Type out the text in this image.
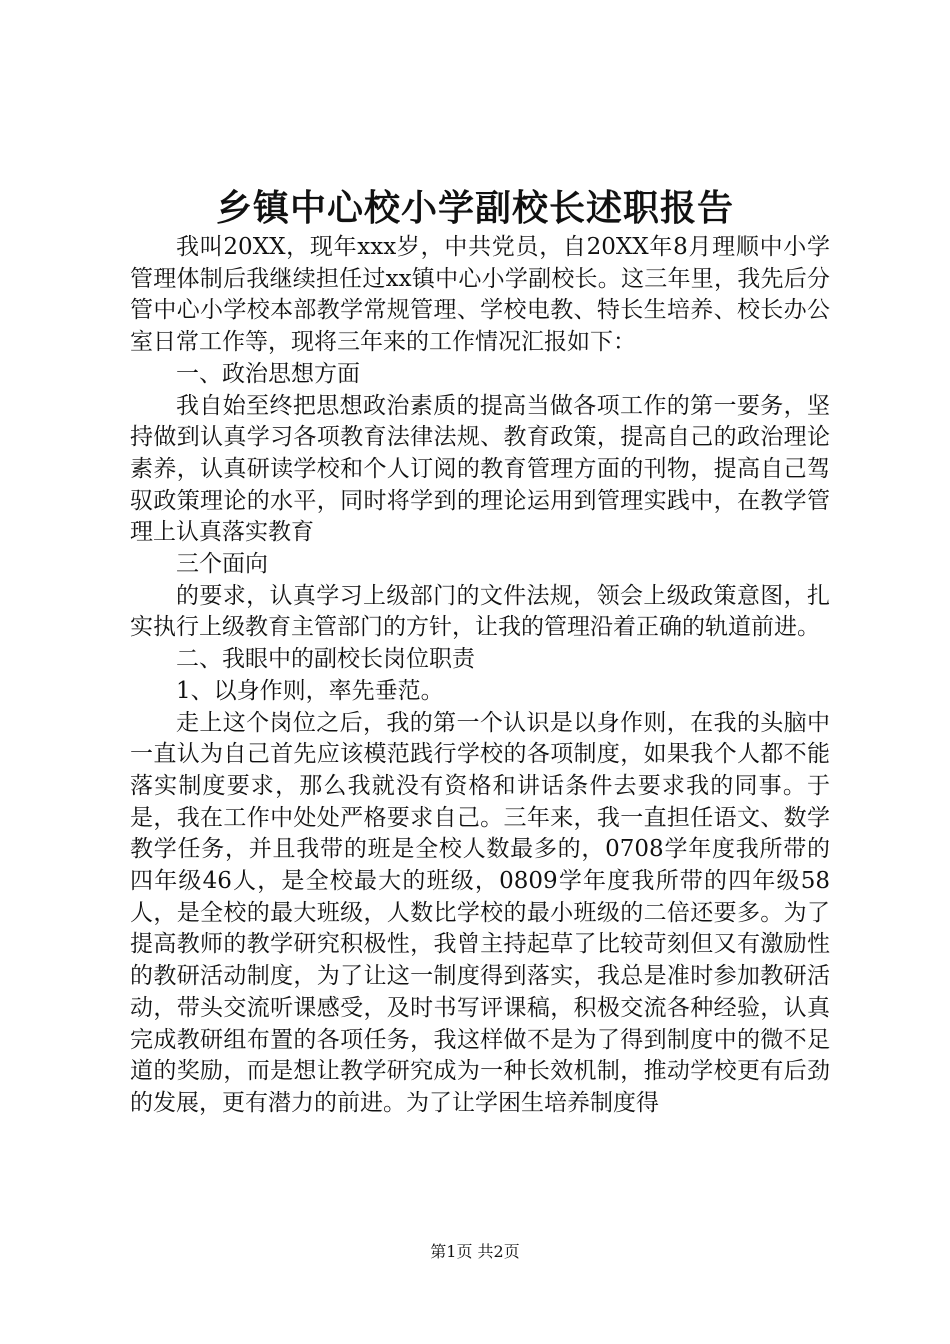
乡镇中心校小学副校长述职报告

我叫20XX，现年xxx岁，中共党员，自20XX年8月理顺中小学管理体制后我继续担任过xx镇中心小学副校长。这三年里，我先后分管中心小学校本部教学常规管理、学校电教、特长生培养、校长办公室日常工作等，现将三年来的工作情况汇报如下：

一、政治思想方面

我自始至终把思想政治素质的提高当做各项工作的第一要务，坚持做到认真学习各项教育法律法规、教育政策，提高自己的政治理论素养，认真研读学校和个人订阅的教育管理方面的刊物，提高自己驾驭政策理论的水平，同时将学到的理论运用到管理实践中，在教学管理上认真落实教育

三个面向

的要求，认真学习上级部门的文件法规，领会上级政策意图，扎实执行上级教育主管部门的方针，让我的管理沿着正确的轨道前进。

二、我眼中的副校长岗位职责

1、以身作则，率先垂范。

走上这个岗位之后，我的第一个认识是以身作则，在我的头脑中一直认为自己首先应该模范践行学校的各项制度，如果我个人都不能落实制度要求，那么我就没有资格和讲话条件去要求我的同事。于是，我在工作中处处严格要求自己。三年来，我一直担任语文、数学教学任务，并且我带的班是全校人数最多的，0708学年度我所带的四年级46人，是全校最大的班级，0809学年度我所带的四年级58人，是全校的最大班级，人数比学校的最小班级的二倍还要多。为了提高教师的教学研究积极性，我曾主持起草了比较苛刻但又有激励性的教研活动制度，为了让这一制度得到落实，我总是准时参加教研活动，带头交流听课感受，及时书写评课稿，积极交流各种经验，认真完成教研组布置的各项任务，我这样做不是为了得到制度中的微不足道的奖励，而是想让教学研究成为一种长效机制，推动学校更有后劲的发展，更有潜力的前进。为了让学困生培养制度得

第1页 共2页
